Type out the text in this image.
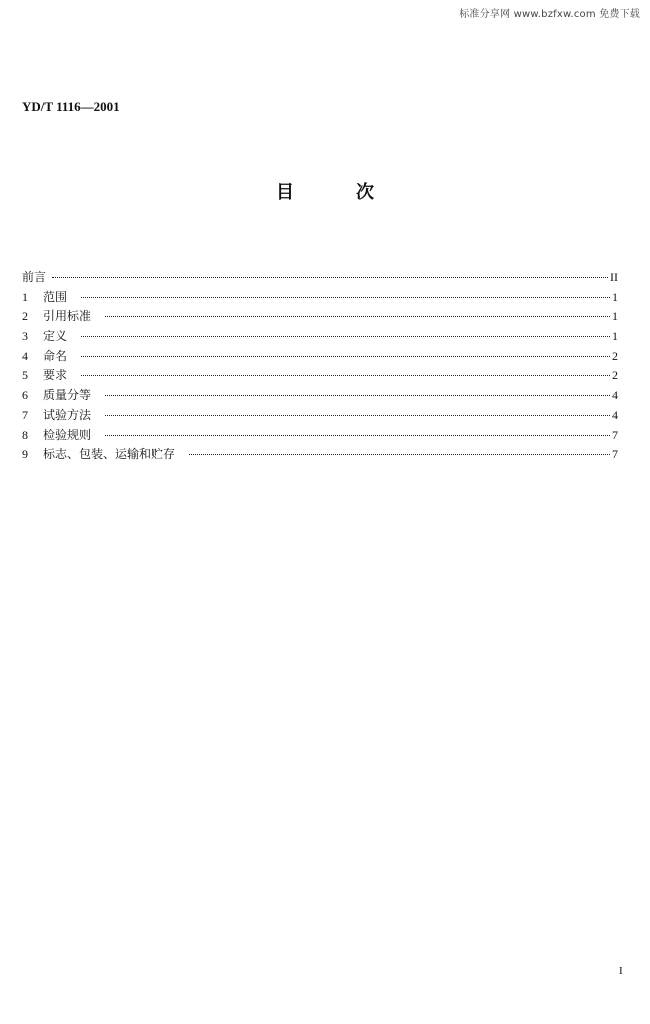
标准分享网 www.bzfxw.com 免费下载
YD/T 1116—2001
目次
前言	II
1	范围	1
2	引用标准	1
3	定义	1
4	命名	2
5	要求	2
6	质量分等	4
7	试验方法	4
8	检验规则	7
9	标志、包装、运输和贮存	7
I
